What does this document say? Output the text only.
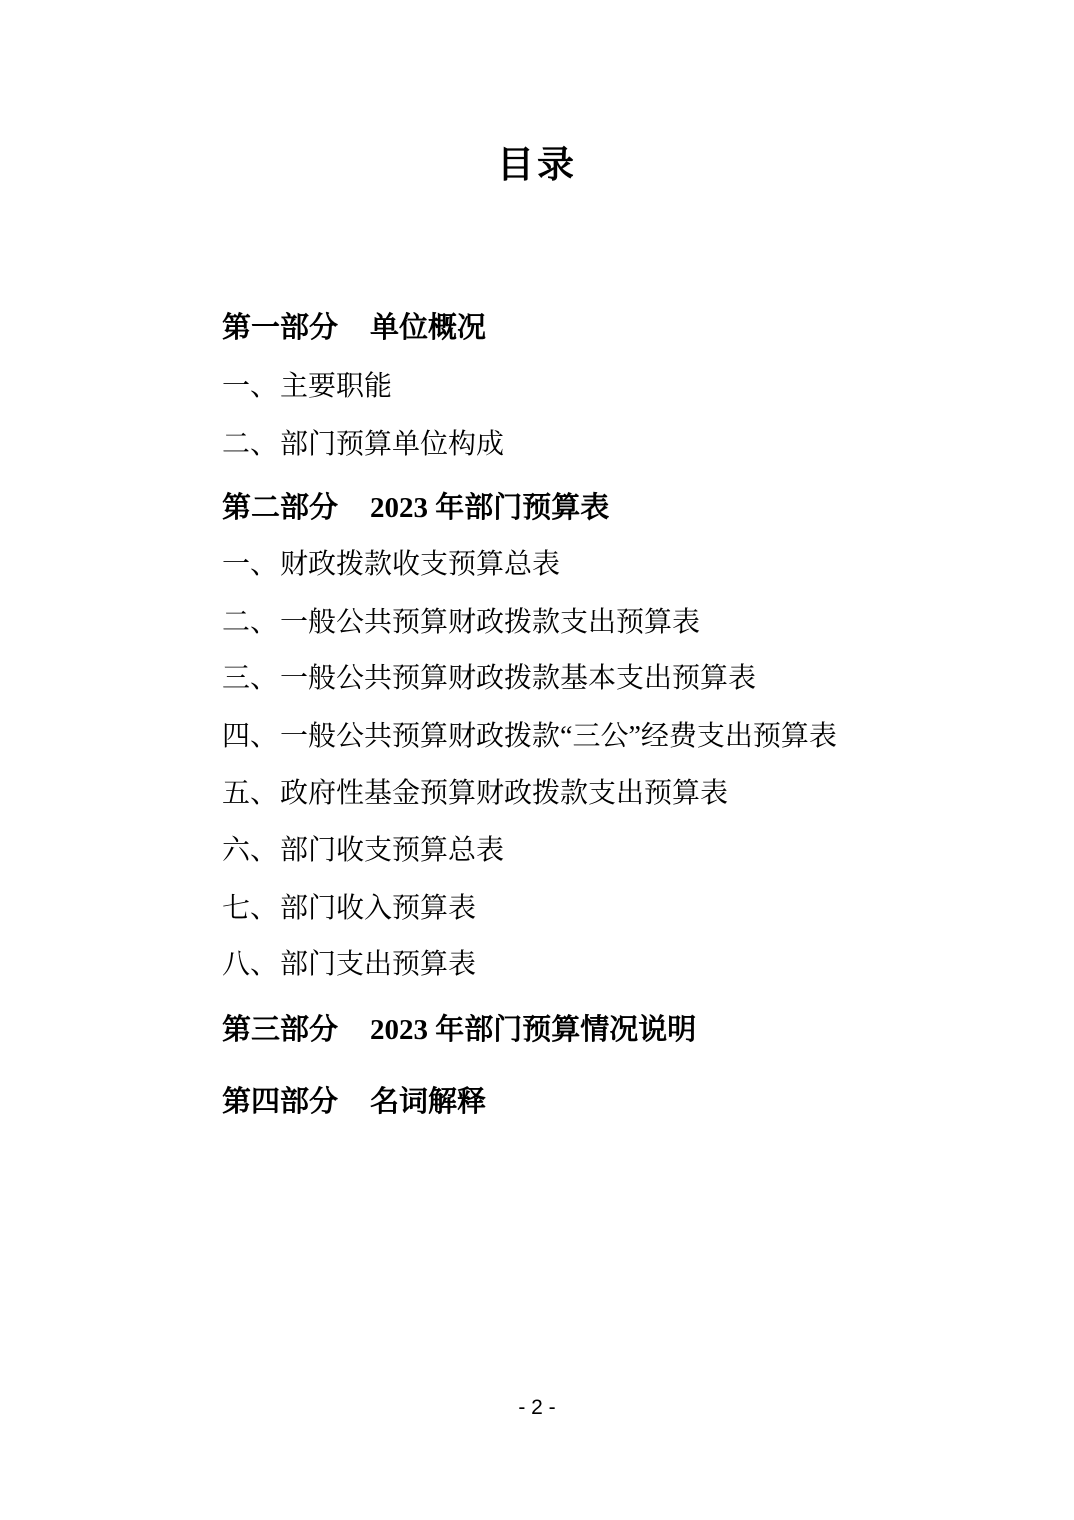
目录
第一部分 单位概况
一、主要职能
二、部门预算单位构成
第二部分 2023 年部门预算表
一、财政拨款收支预算总表
二、一般公共预算财政拨款支出预算表
三、一般公共预算财政拨款基本支出预算表
四、一般公共预算财政拨款“三公”经费支出预算表
五、政府性基金预算财政拨款支出预算表
六、部门收支预算总表
七、部门收入预算表
八、部门支出预算表
第三部分 2023 年部门预算情况说明
第四部分 名词解释
- 2 -
